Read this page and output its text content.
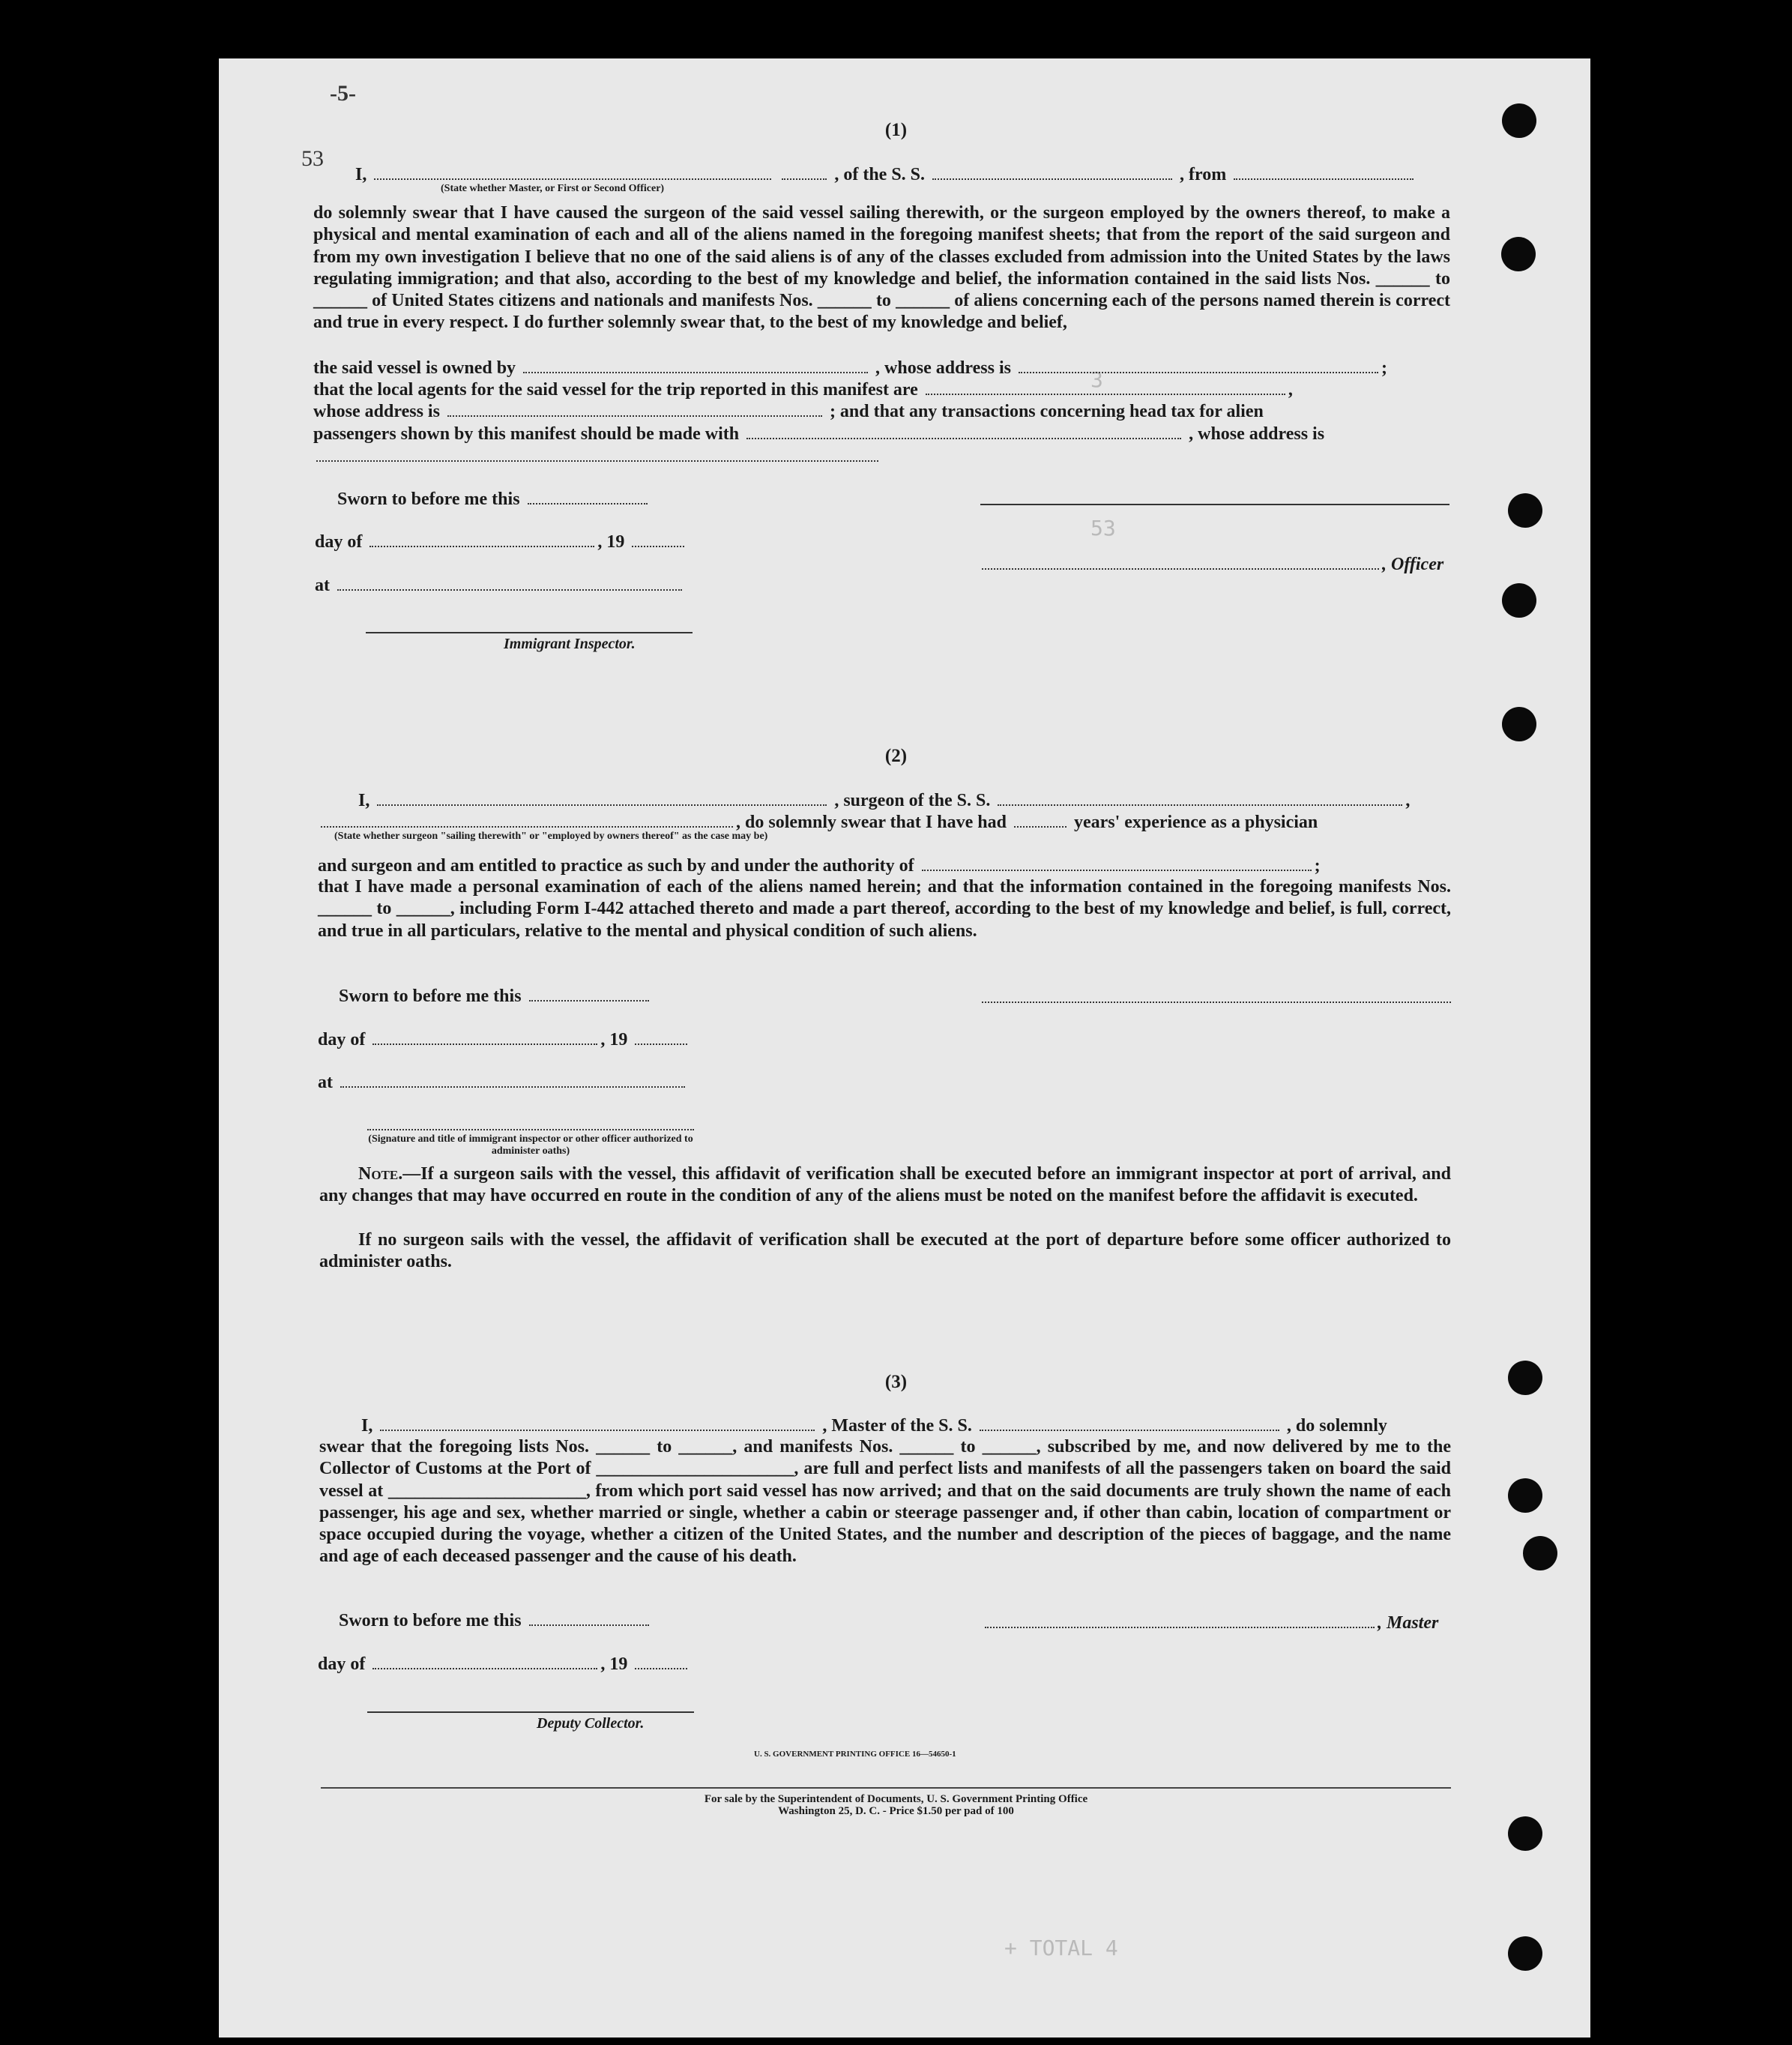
3
53
+ TOTAL 4
-5-
53
(1)
I,	, of the S. S.	, from
(State whether Master, or First or Second Officer)

do solemnly swear that I have caused the surgeon of the said vessel sailing therewith, or the surgeon employed by the owners thereof, to make a physical and mental examination of each and all of the aliens named in the foregoing manifest sheets; that from the report of the said surgeon and from my own investigation I believe that no one of the said aliens is of any of the classes excluded from admission into the United States by the laws regulating immigration; and that also, according to the best of my knowledge and belief, the information contained in the said lists Nos. ______ to ______ of United States citizens and nationals and manifests Nos. ______ to ______ of aliens concerning each of the persons named therein is correct and true in every respect. I do further solemnly swear that, to the best of my knowledge and belief,

the said vessel is owned by	, whose address is	;
that the local agents for the said vessel for the trip reported in this manifest are	,
whose address is	; and that any transactions concerning head tax for alien
passengers shown by this manifest should be made with	, whose address is
Sworn to before me this
day of	, 19
at
, Officer
Immigrant Inspector.
(2)
I,	, surgeon of the S. S.	,
, do solemnly swear that I have had	years' experience as a physician
(State whether surgeon "sailing therewith" or "employed by owners thereof" as the case may be)
and surgeon and am entitled to practice as such by and under the authority of	;

that I have made a personal examination of each of the aliens named herein; and that the information contained in the foregoing manifests Nos. ______ to ______, including Form I-442 attached thereto and made a part thereof, according to the best of my knowledge and belief, is full, correct, and true in all particulars, relative to the mental and physical condition of such aliens.

Sworn to before me this
day of	, 19
at
(Signature and title of immigrant inspector or other officer authorized to administer oaths)

Note.—If a surgeon sails with the vessel, this affidavit of verification shall be executed before an immigrant inspector at port of arrival, and any changes that may have occurred en route in the condition of any of the aliens must be noted on the manifest before the affidavit is executed.

If no surgeon sails with the vessel, the affidavit of verification shall be executed at the port of departure before some officer authorized to administer oaths.

(3)
I,	, Master of the S. S.	, do solemnly

swear that the foregoing lists Nos. ______ to ______, and manifests Nos. ______ to ______, subscribed by me, and now delivered by me to the Collector of Customs at the Port of ______________________, are full and perfect lists and manifests of all the passengers taken on board the said vessel at ______________________, from which port said vessel has now arrived; and that on the said documents are truly shown the name of each passenger, his age and sex, whether married or single, whether a cabin or steerage passenger and, if other than cabin, location of compartment or space occupied during the voyage, whether a citizen of the United States, and the number and description of the pieces of baggage, and the name and age of each deceased passenger and the cause of his death.

Sworn to before me this	, Master
day of	, 19
Deputy Collector.
U. S. GOVERNMENT PRINTING OFFICE 16—54650-1
For sale by the Superintendent of Documents, U. S. Government Printing Office
Washington 25, D. C. - Price $1.50 per pad of 100
